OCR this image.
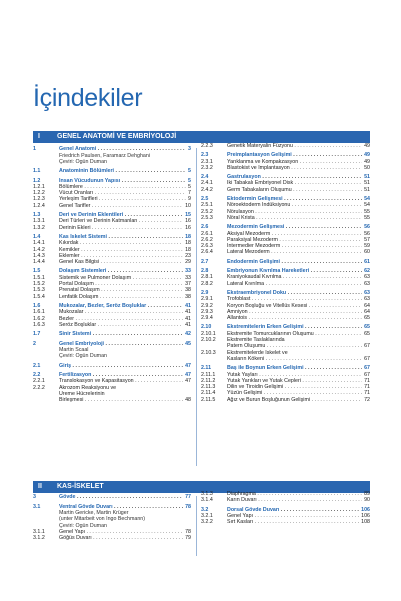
İçindekiler
I GENEL ANATOMİ VE EMBRİYOLOJİ
1	Genel Anatomi . . .	3
Friedrich Paulsen, Faramarz Dehghani
Çeviri: Ogün Duman
1.1	Anatominin Bölümleri . . .	5
1.2	İnsan Vücudunun Yapısı . . .	5
1.2.1	Bölümlere . . .	5
1.2.2	Vücut Oranları . . .	7
1.2.3	Yerleşim Tarifleri . . .	9
1.2.4	Genel Tarifler . . .	10
1.3	Deri ve Derinin Eklentileri . . .	15
1.3.1	Deri Türleri ve Derinin Katmanları . . .	16
1.3.2	Derinin Ekleri . . .	16
1.4	Kas İskelet Sistemi . . .	18
1.4.1	Kıkırdak . . .	18
1.4.2	Kemikler . . .	18
1.4.3	Eklemler . . .	23
1.4.4	Genel Kas Bilgisi . . .	29
1.5	Dolaşım Sistemleri . . .	33
1.5.1	Sistemik ve Pulmoner Dolaşım . . .	33
1.5.2	Portal Dolaşım . . .	37
1.5.3	Prenatal Dolaşım . . .	38
1.5.4	Lenfatik Dolaşım . . .	38
1.6	Mukozalar, Bezler, Seröz Boşluklar . . .	41
1.6.1	Mukozalar . . .	41
1.6.2	Bezler . . .	41
1.6.3	Seröz Boşluklar . . .	41
1.7	Sinir Sistemi . . .	42
2	Genel Embriyoloji . . .	45
Martin Scaal
Çeviri: Ogün Duman
2.1	Giriş . . .	47
2.2	Fertilizasyon . . .	47
2.2.1	Translokasyon ve Kapasitasyon . . .	47
2.2.2	Akrozom Reaksiyonu ve
Üreme Hücrelerinin
Birleşmesi . . .	48
2.2.3	Genetik Materyalin Füzyonu . . .	49
2.3	Preimplantasyon Gelişimi . . .	49
2.3.1	Yarıklanma ve Kompakzasyon . . .	49
2.3.2	Blastokist ve İmplantasyon . . .	50
2.4	Gastrulasyon . . .	51
2.4.1	İki Tabakalı Embriyonel Disk . . .	51
2.4.2	Germ Tabakaların Oluşumu . . .	51
2.5	Ektodermin Gelişmesi . . .	54
2.5.1	Nöroektoderm İndüksiyonu . . .	54
2.5.2	Nörulasyon . . .	55
2.5.3	Nöral Krista . . .	55
2.6	Mezodermin Gelişmesi . . .	56
2.6.1	Aksiyal Mezoderm . . .	56
2.6.2	Paraksiyal Mezoderm . . .	57
2.6.3	Intermedier Mezoderm . . .	59
2.6.4	Lateral Mezoderm . . .	60
2.7	Endodermin Gelişimi . . .	61
2.8	Embriyonun Kıvrılma Hareketleri . . .	62
2.8.1	Kraniyokaudal Kıvrılma . . .	63
2.8.2	Lateral Kıvrılma . . .	63
2.9	Ekstraembriyonel Doku . . .	63
2.9.1	Trofoblast . . .	63
2.9.2	Koryon Boşluğu ve Vitellüs Kesesi . . .	64
2.9.3	Amniyon . . .	64
2.9.4	Allantois . . .	65
2.10	Ekstremitelerin Erken Gelişimi . . .	65
2.10.1	Ekstremite Tomurcuklarının Oluşumu . . .	65
2.10.2	Ekstremite Taslaklarında
Patern Oluşumu . . .	67
2.10.3	Ekstremitelerde İskelet ve
Kasların Kökeni . . .	67
2.11	Baş ile Boynun Erken Gelişimi . . .	67
2.11.1	Yutak Yayları . . .	67
2.11.2	Yutak Yarıkları ve Yutak Cepleri . . .	71
2.11.3	Dilin ve Tiroidin Gelişimi . . .	71
2.11.4	Yüzün Gelişimi . . .	71
2.11.5	Ağız ve Burun Boşluğunun Gelişimi . . .	72
II KAS-İSKELET
3	Gövde . . .	77
3.1	Ventral Gövde Duvarı . . .	78
Martin Gericke, Martin Krüger
(unter Mitarbeit von Ingo Bechmann)
Çeviri: Ogün Duman
3.1.1	Genel Yapı . . .	78
3.1.2	Göğüs Duvarı . . .	79
3.1.3	Diaphragma . . .	89
3.1.4	Karın Duvarı . . .	90
3.2	Dorsal Gövde Duvarı . . .	106
3.2.1	Genel Yapı . . .	106
3.2.2	Sırt Kasları . . .	108
